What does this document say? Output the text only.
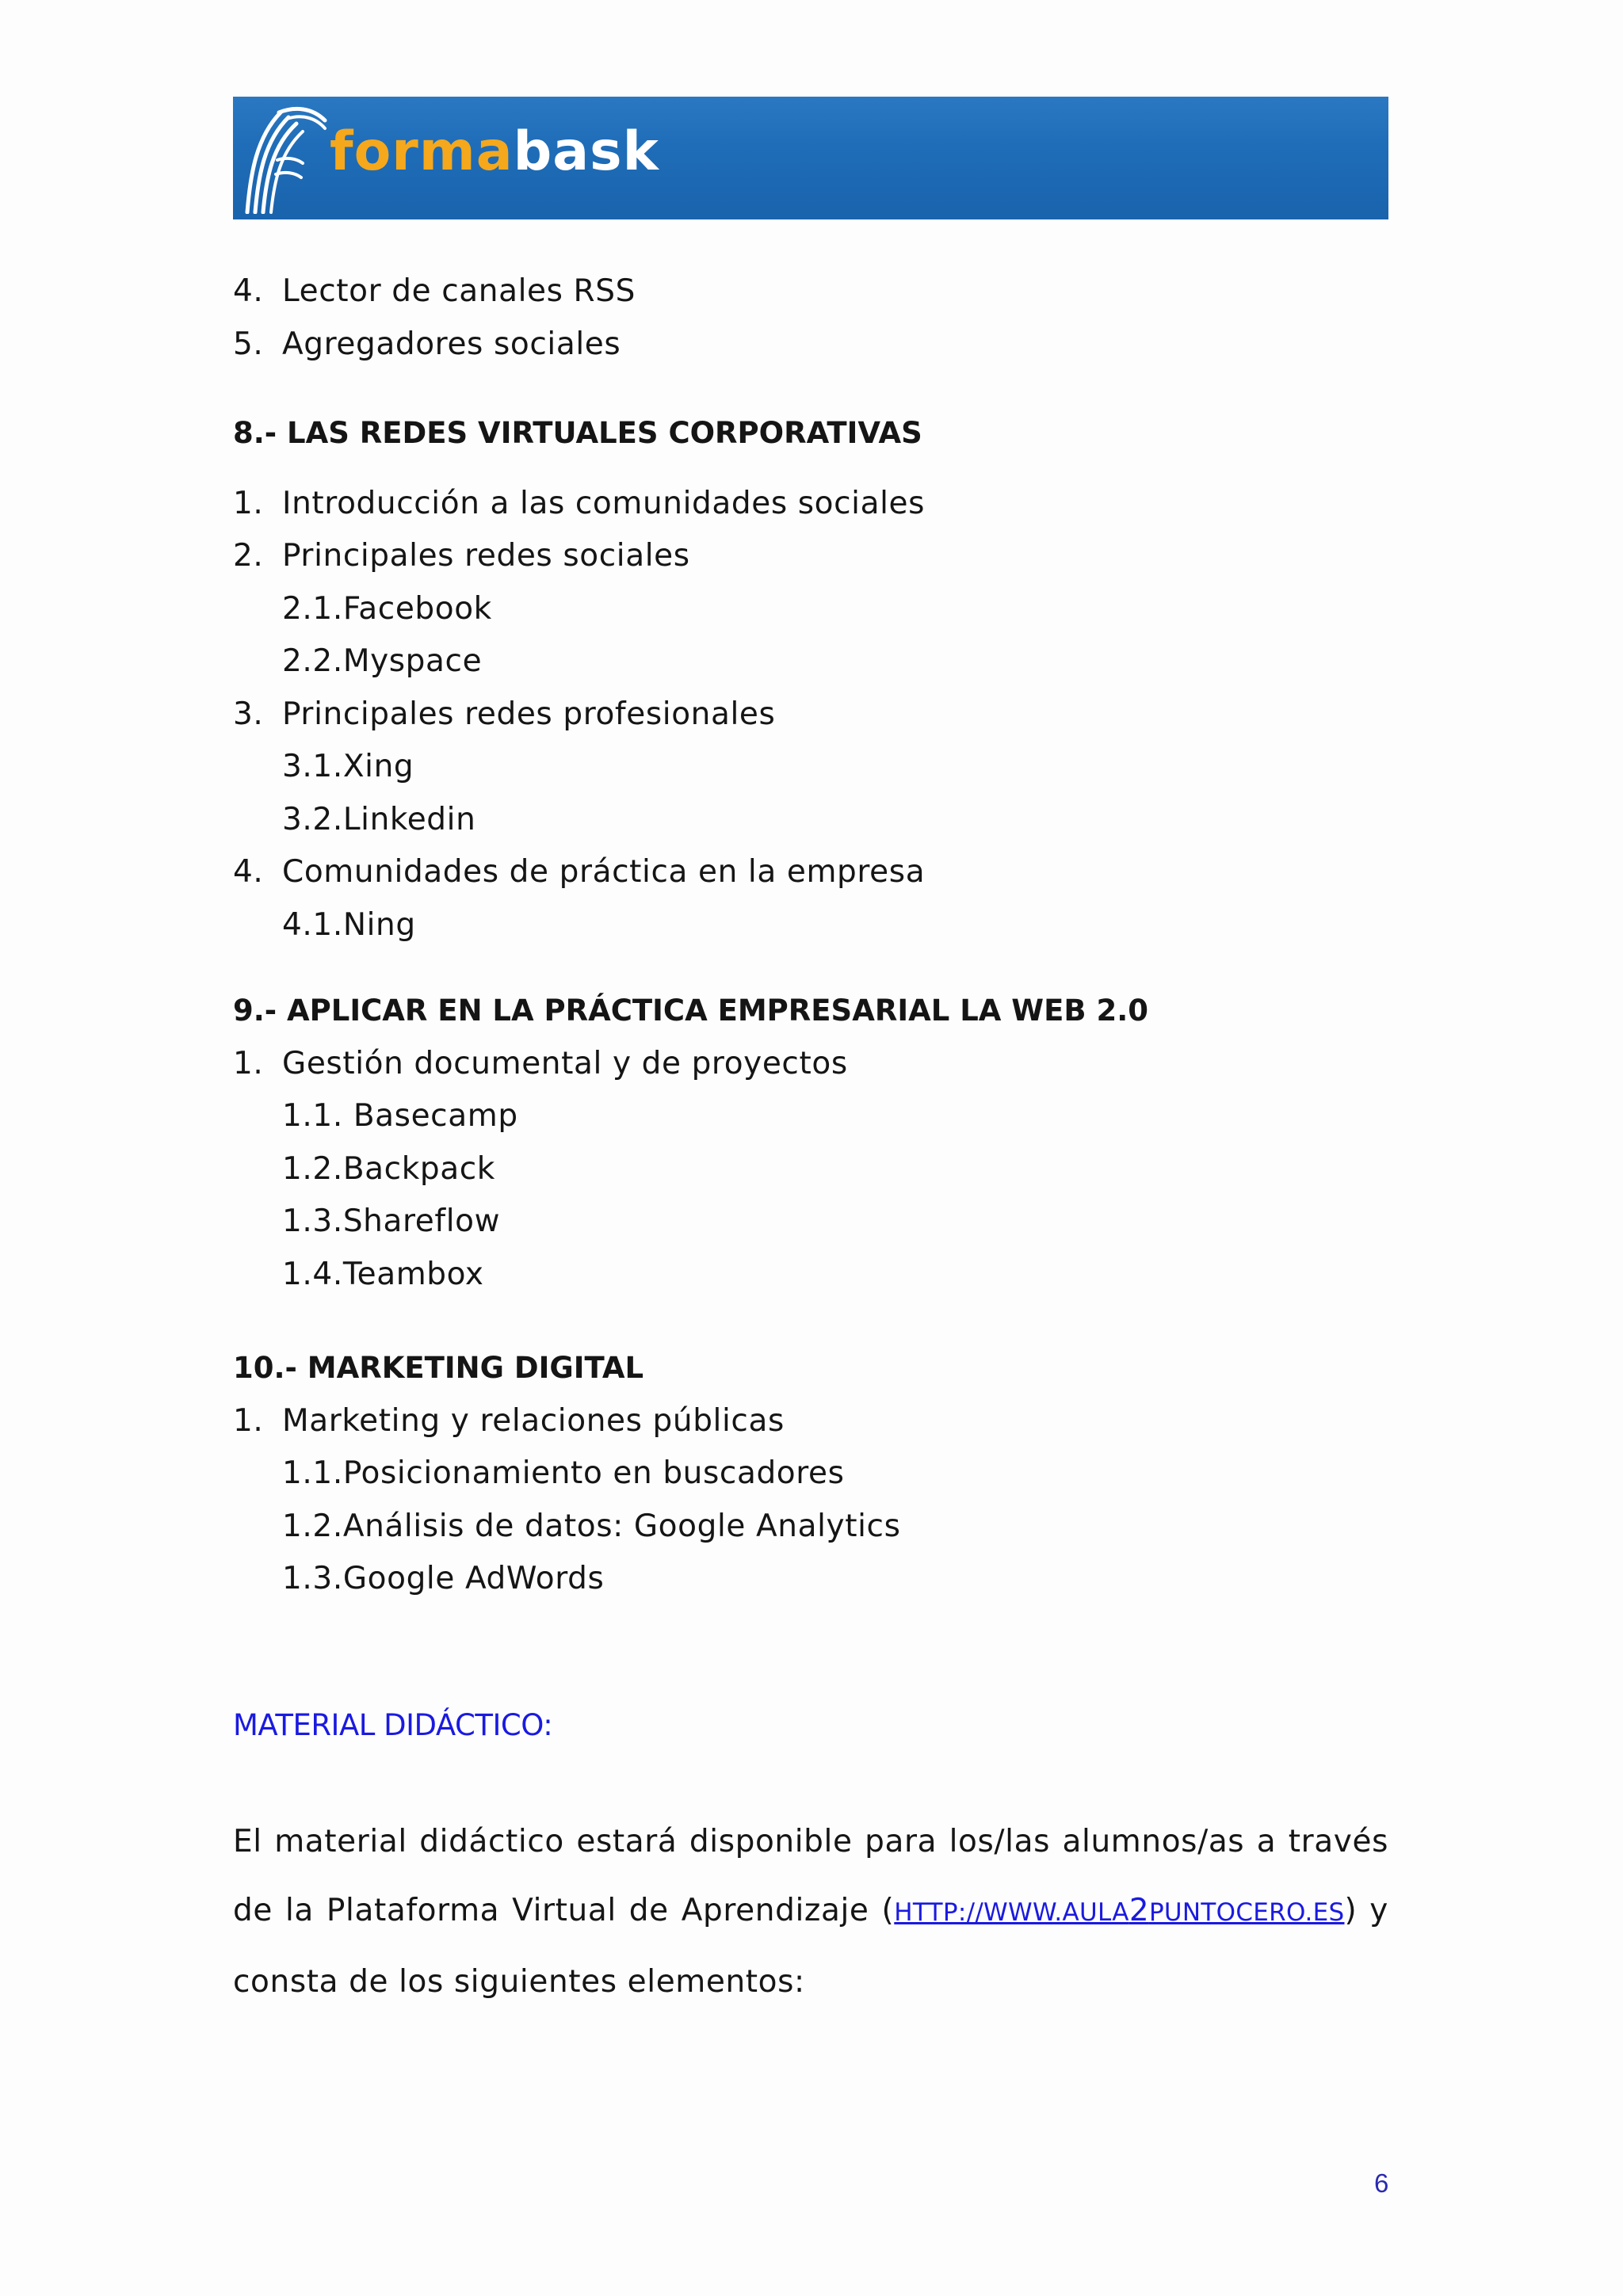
formabask
4. Lector de canales RSS
5. Agregadores sociales
8.- LAS REDES VIRTUALES CORPORATIVAS
1. Introducción a las comunidades sociales
2. Principales redes sociales
2.1.Facebook
2.2.Myspace
3. Principales redes profesionales
3.1.Xing
3.2.Linkedin
4. Comunidades de práctica en la empresa
4.1.Ning
9.- APLICAR EN LA PRÁCTICA EMPRESARIAL LA WEB 2.0
1. Gestión documental y de proyectos
1.1. Basecamp
1.2.Backpack
1.3.Shareflow
1.4.Teambox
10.- MARKETING DIGITAL
1. Marketing y relaciones públicas
1.1.Posicionamiento en buscadores
1.2.Análisis de datos: Google Analytics
1.3.Google AdWords
MATERIAL DIDÁCTICO:

El material didáctico estará disponible para los/las alumnos/as a través de la Plataforma Virtual de Aprendizaje (HTTP://WWW.AULA2PUNTOCERO.ES) y consta de los siguientes elementos:

6
